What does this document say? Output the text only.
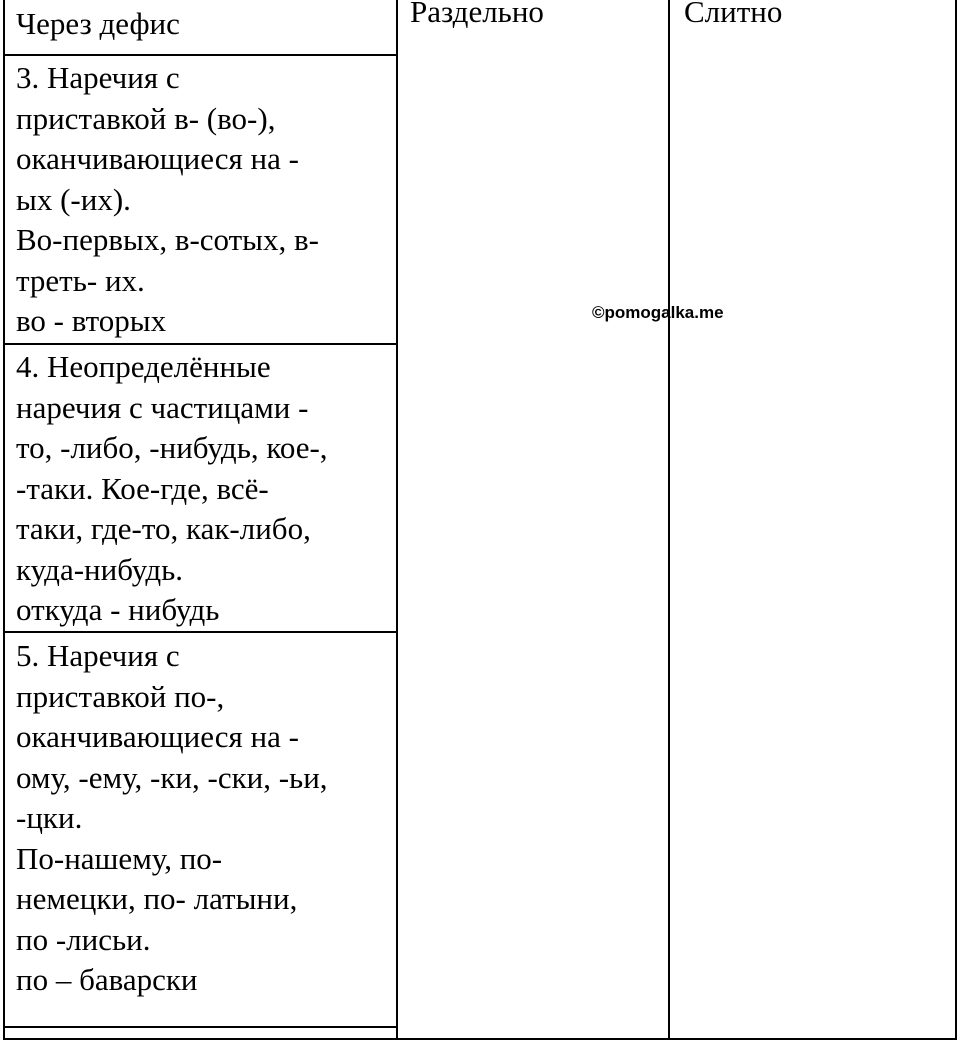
Через дефис	Раздельно	Слитно

3. Наречия с
приставкой в- (во-),
оканчивающиеся на -
ых (-их).
Во-первых, в-сотых, в-
треть- их.
во - вторых

4. Неопределённые
наречия с частицами -
то, -либо, -нибудь, кое-,
-таки. Кое-где, всё-
таки, где-то, как-либо,
куда-нибудь.
откуда - нибудь

5. Наречия с
приставкой по-,
оканчивающиеся на -
ому, -ему, -ки, -ски, -ьи,
-цки.
По-нашему, по-
немецки, по- латыни,
по -лисьи.
по – баварски

©pomogalka.me
